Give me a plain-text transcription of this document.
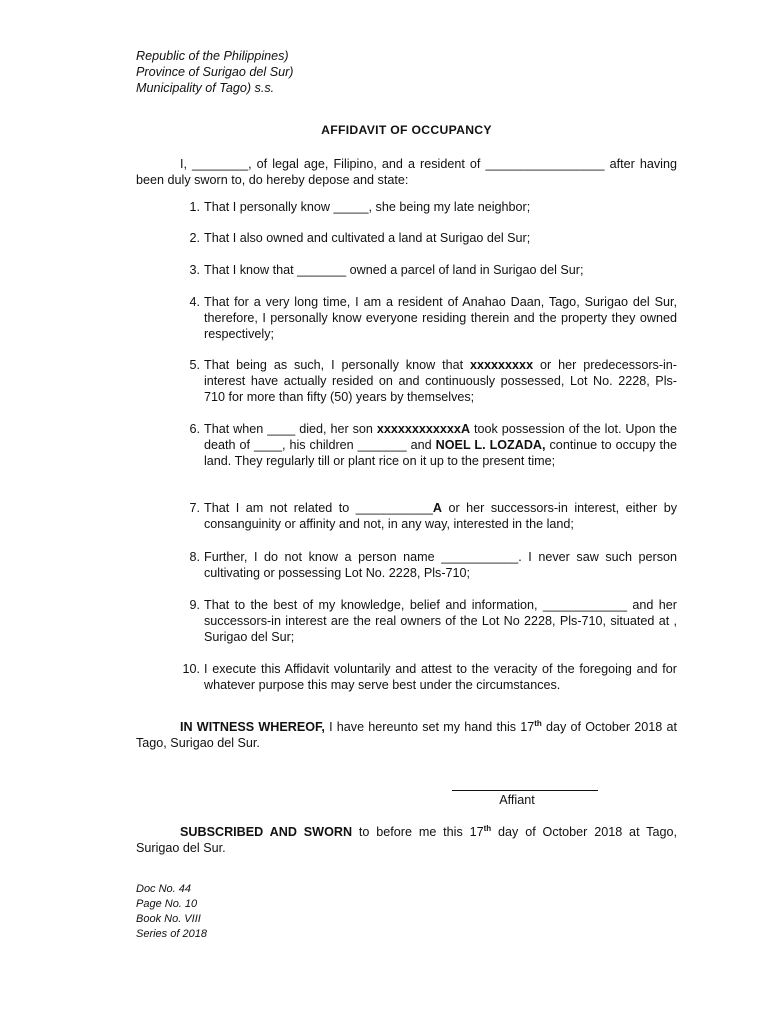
Republic of the Philippines)
Province of Surigao del Sur)
Municipality of Tago) s.s.
AFFIDAVIT OF OCCUPANCY
I, ________, of legal age, Filipino, and a resident of _________________ after having been duly sworn to, do hereby depose and state:
1. That I personally know _____, she being my late neighbor;
2. That I also owned and cultivated a land at Surigao del Sur;
3. That I know that _______ owned a parcel of land in Surigao del Sur;
4. That for a very long time, I am a resident of Anahao Daan, Tago, Surigao del Sur, therefore, I personally know everyone residing therein and the property they owned respectively;
5. That being as such, I personally know that xxxxxxxxx or her predecessors-in-interest have actually resided on and continuously possessed, Lot No. 2228, Pls- 710 for more than fifty (50) years by themselves;
6. That when ____ died, her son xxxxxxxxxxxxA took possession of the lot. Upon the death of ____, his children _______ and NOEL L. LOZADA, continue to occupy the land. They regularly till or plant rice on it up to the present time;
7. That I am not related to ___________A or her successors-in interest, either by consanguinity or affinity and not, in any way, interested in the land;
8. Further, I do not know a person name ___________. I never saw such person cultivating or possessing Lot No. 2228, Pls-710;
9. That to the best of my knowledge, belief and information, ____________ and her successors-in interest are the real owners of the Lot No 2228, Pls-710, situated at , Surigao del Sur;
10. I execute this Affidavit voluntarily and attest to the veracity of the foregoing and for whatever purpose this may serve best under the circumstances.
IN WITNESS WHEREOF, I have hereunto set my hand this 17th day of October 2018 at Tago, Surigao del Sur.
Affiant
SUBSCRIBED AND SWORN to before me this 17th day of October 2018 at Tago, Surigao del Sur.
Doc No. 44
Page No. 10
Book No. VIII
Series of 2018
